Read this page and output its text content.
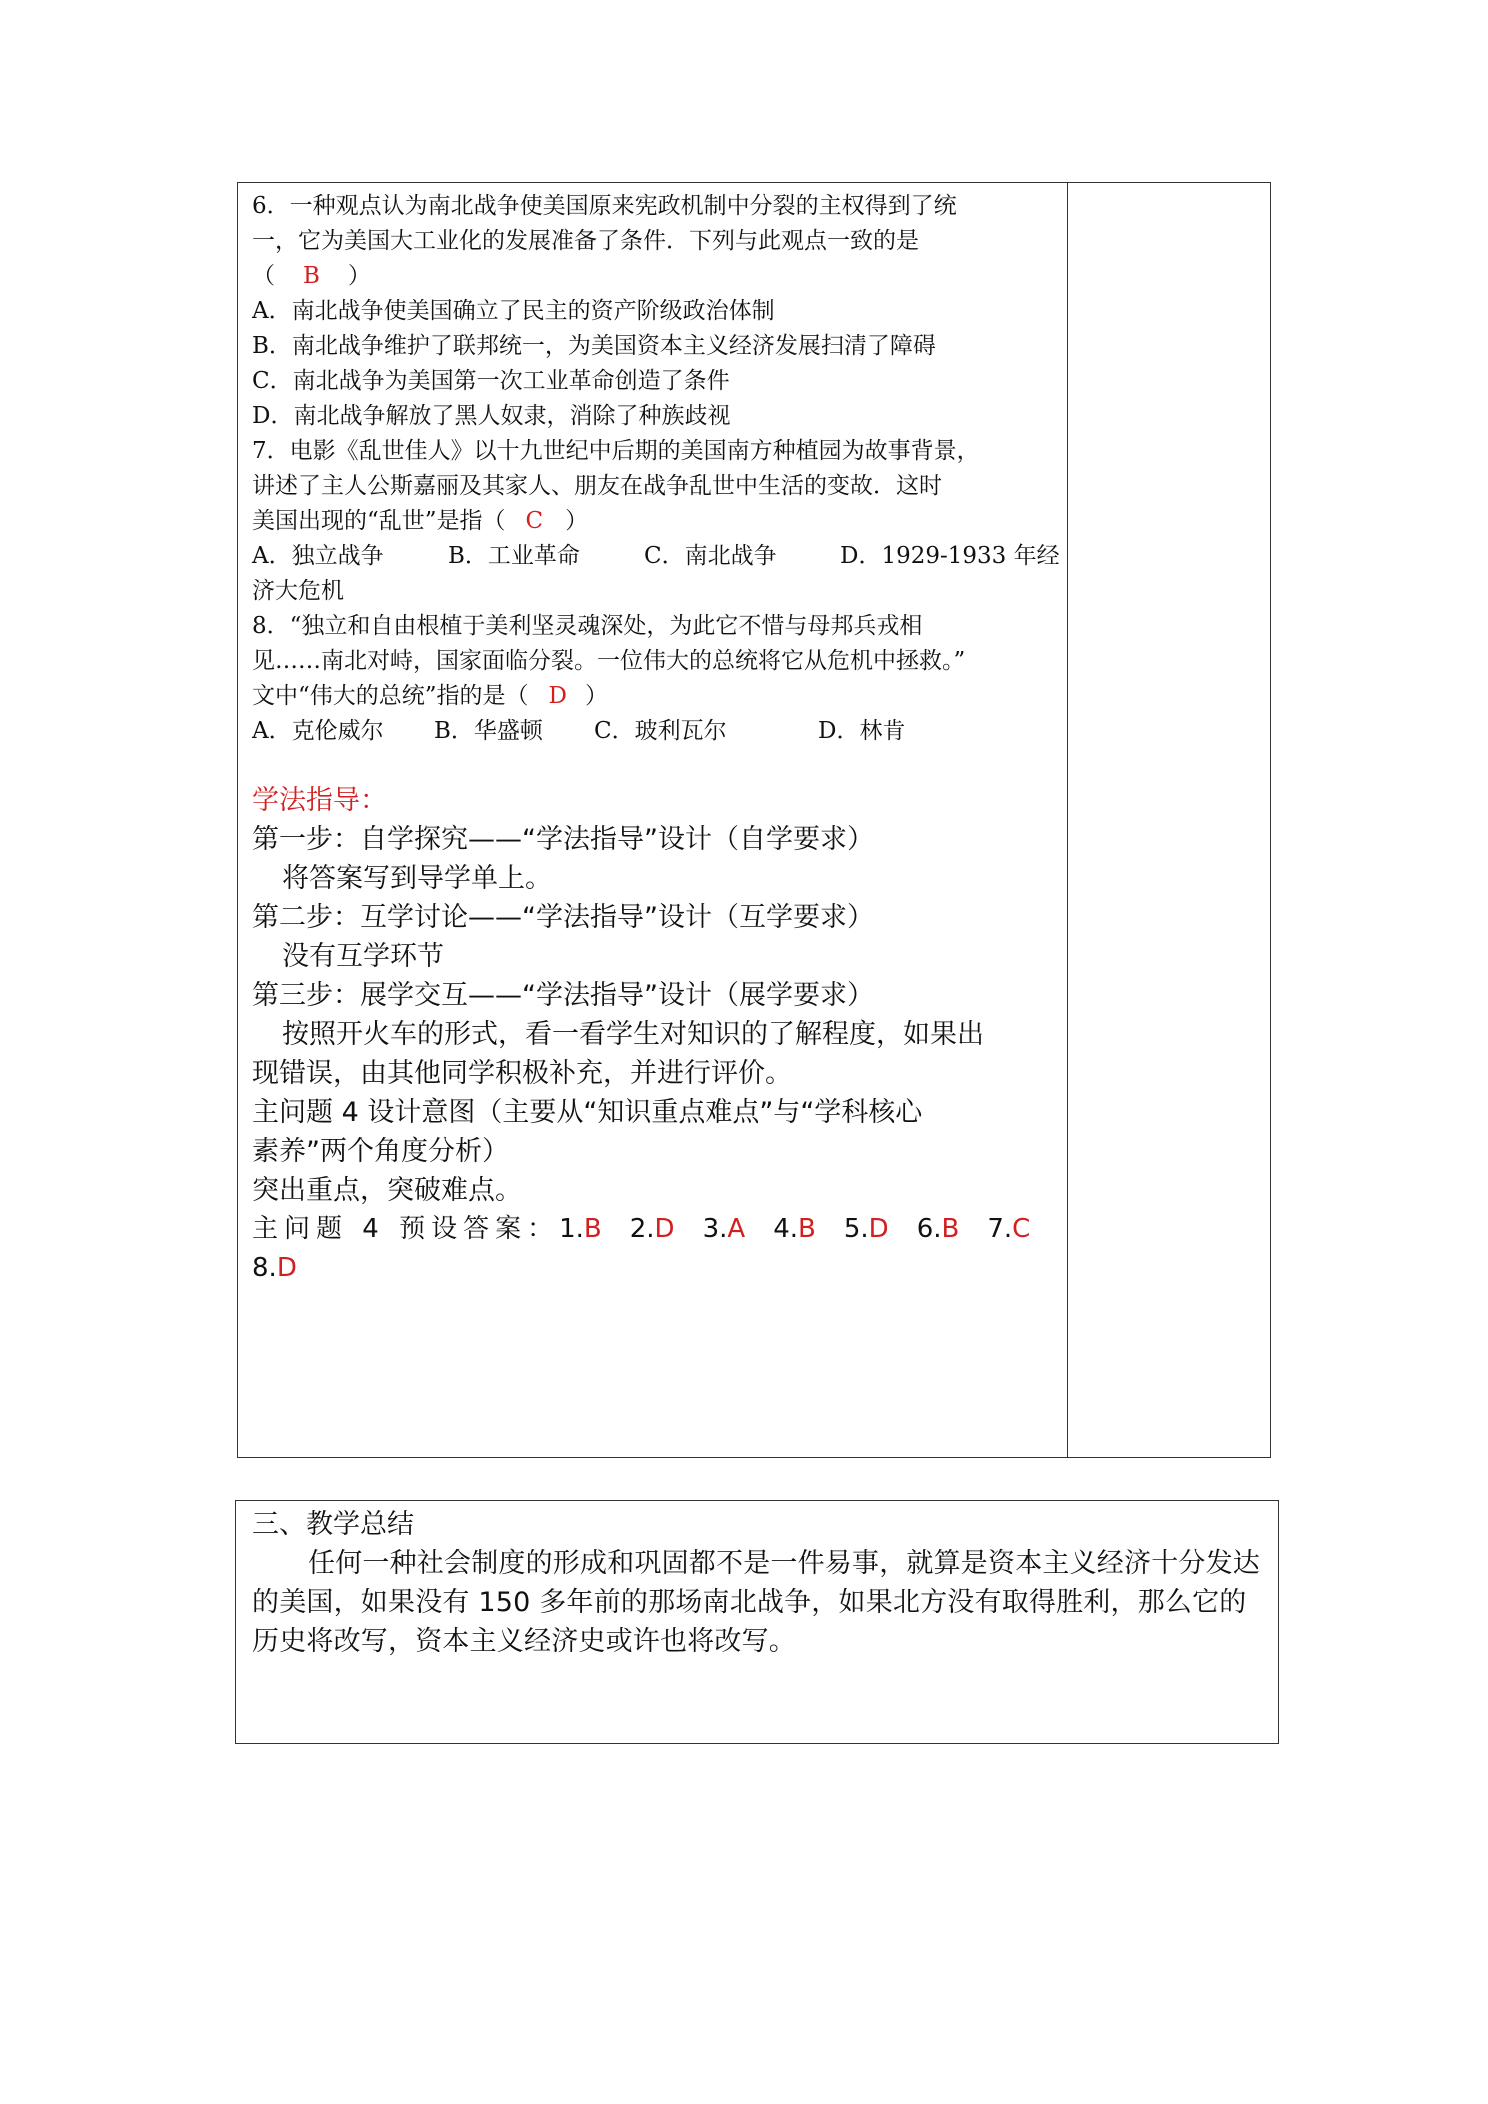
6．一种观点认为南北战争使美国原来宪政机制中分裂的主权得到了统
一，它为美国大工业化的发展准备了条件．下列与此观点一致的是
（ B ）
A．南北战争使美国确立了民主的资产阶级政治体制
B．南北战争维护了联邦统一，为美国资本主义经济发展扫清了障碍
C．南北战争为美国第一次工业革命创造了条件
D．南北战争解放了黑人奴隶，消除了种族歧视
7．电影《乱世佳人》以十九世纪中后期的美国南方种植园为故事背景，
讲述了主人公斯嘉丽及其家人、朋友在战争乱世中生活的变故．这时
美国出现的“乱世”是指（ C ）
A．独立战争	B．工业革命	C．南北战争	D．1929-1933 年经
济大危机
8．“独立和自由根植于美利坚灵魂深处，为此它不惜与母邦兵戎相
见……南北对峙，国家面临分裂。一位伟大的总统将它从危机中拯救。”
文中“伟大的总统”指的是（ D ）
A．克伦威尔 B．华盛顿 C．玻利瓦尔	D．林肯
学法指导：
第一步：自学探究——“学法指导”设计（自学要求）
将答案写到导学单上。
第二步：互学讨论——“学法指导”设计（互学要求）
没有互学环节
第三步：展学交互——“学法指导”设计（展学要求）
按照开火车的形式，看一看学生对知识的了解程度，如果出
现错误，由其他同学积极补充，并进行评价。
主问题 4 设计意图（主要从“知识重点难点”与“学科核心
素养”两个角度分析）
突出重点，突破难点。
主问题 4 预设答案：1.B 2.D 3.A 4.B 5.D 6.B 7.C8.D
三、教学总结
任何一种社会制度的形成和巩固都不是一件易事，就算是资本主义经济十分发达的美国，如果没有 150 多年前的那场南北战争，如果北方没有取得胜利，那么它的历史将改写，资本主义经济史或许也将改写。
